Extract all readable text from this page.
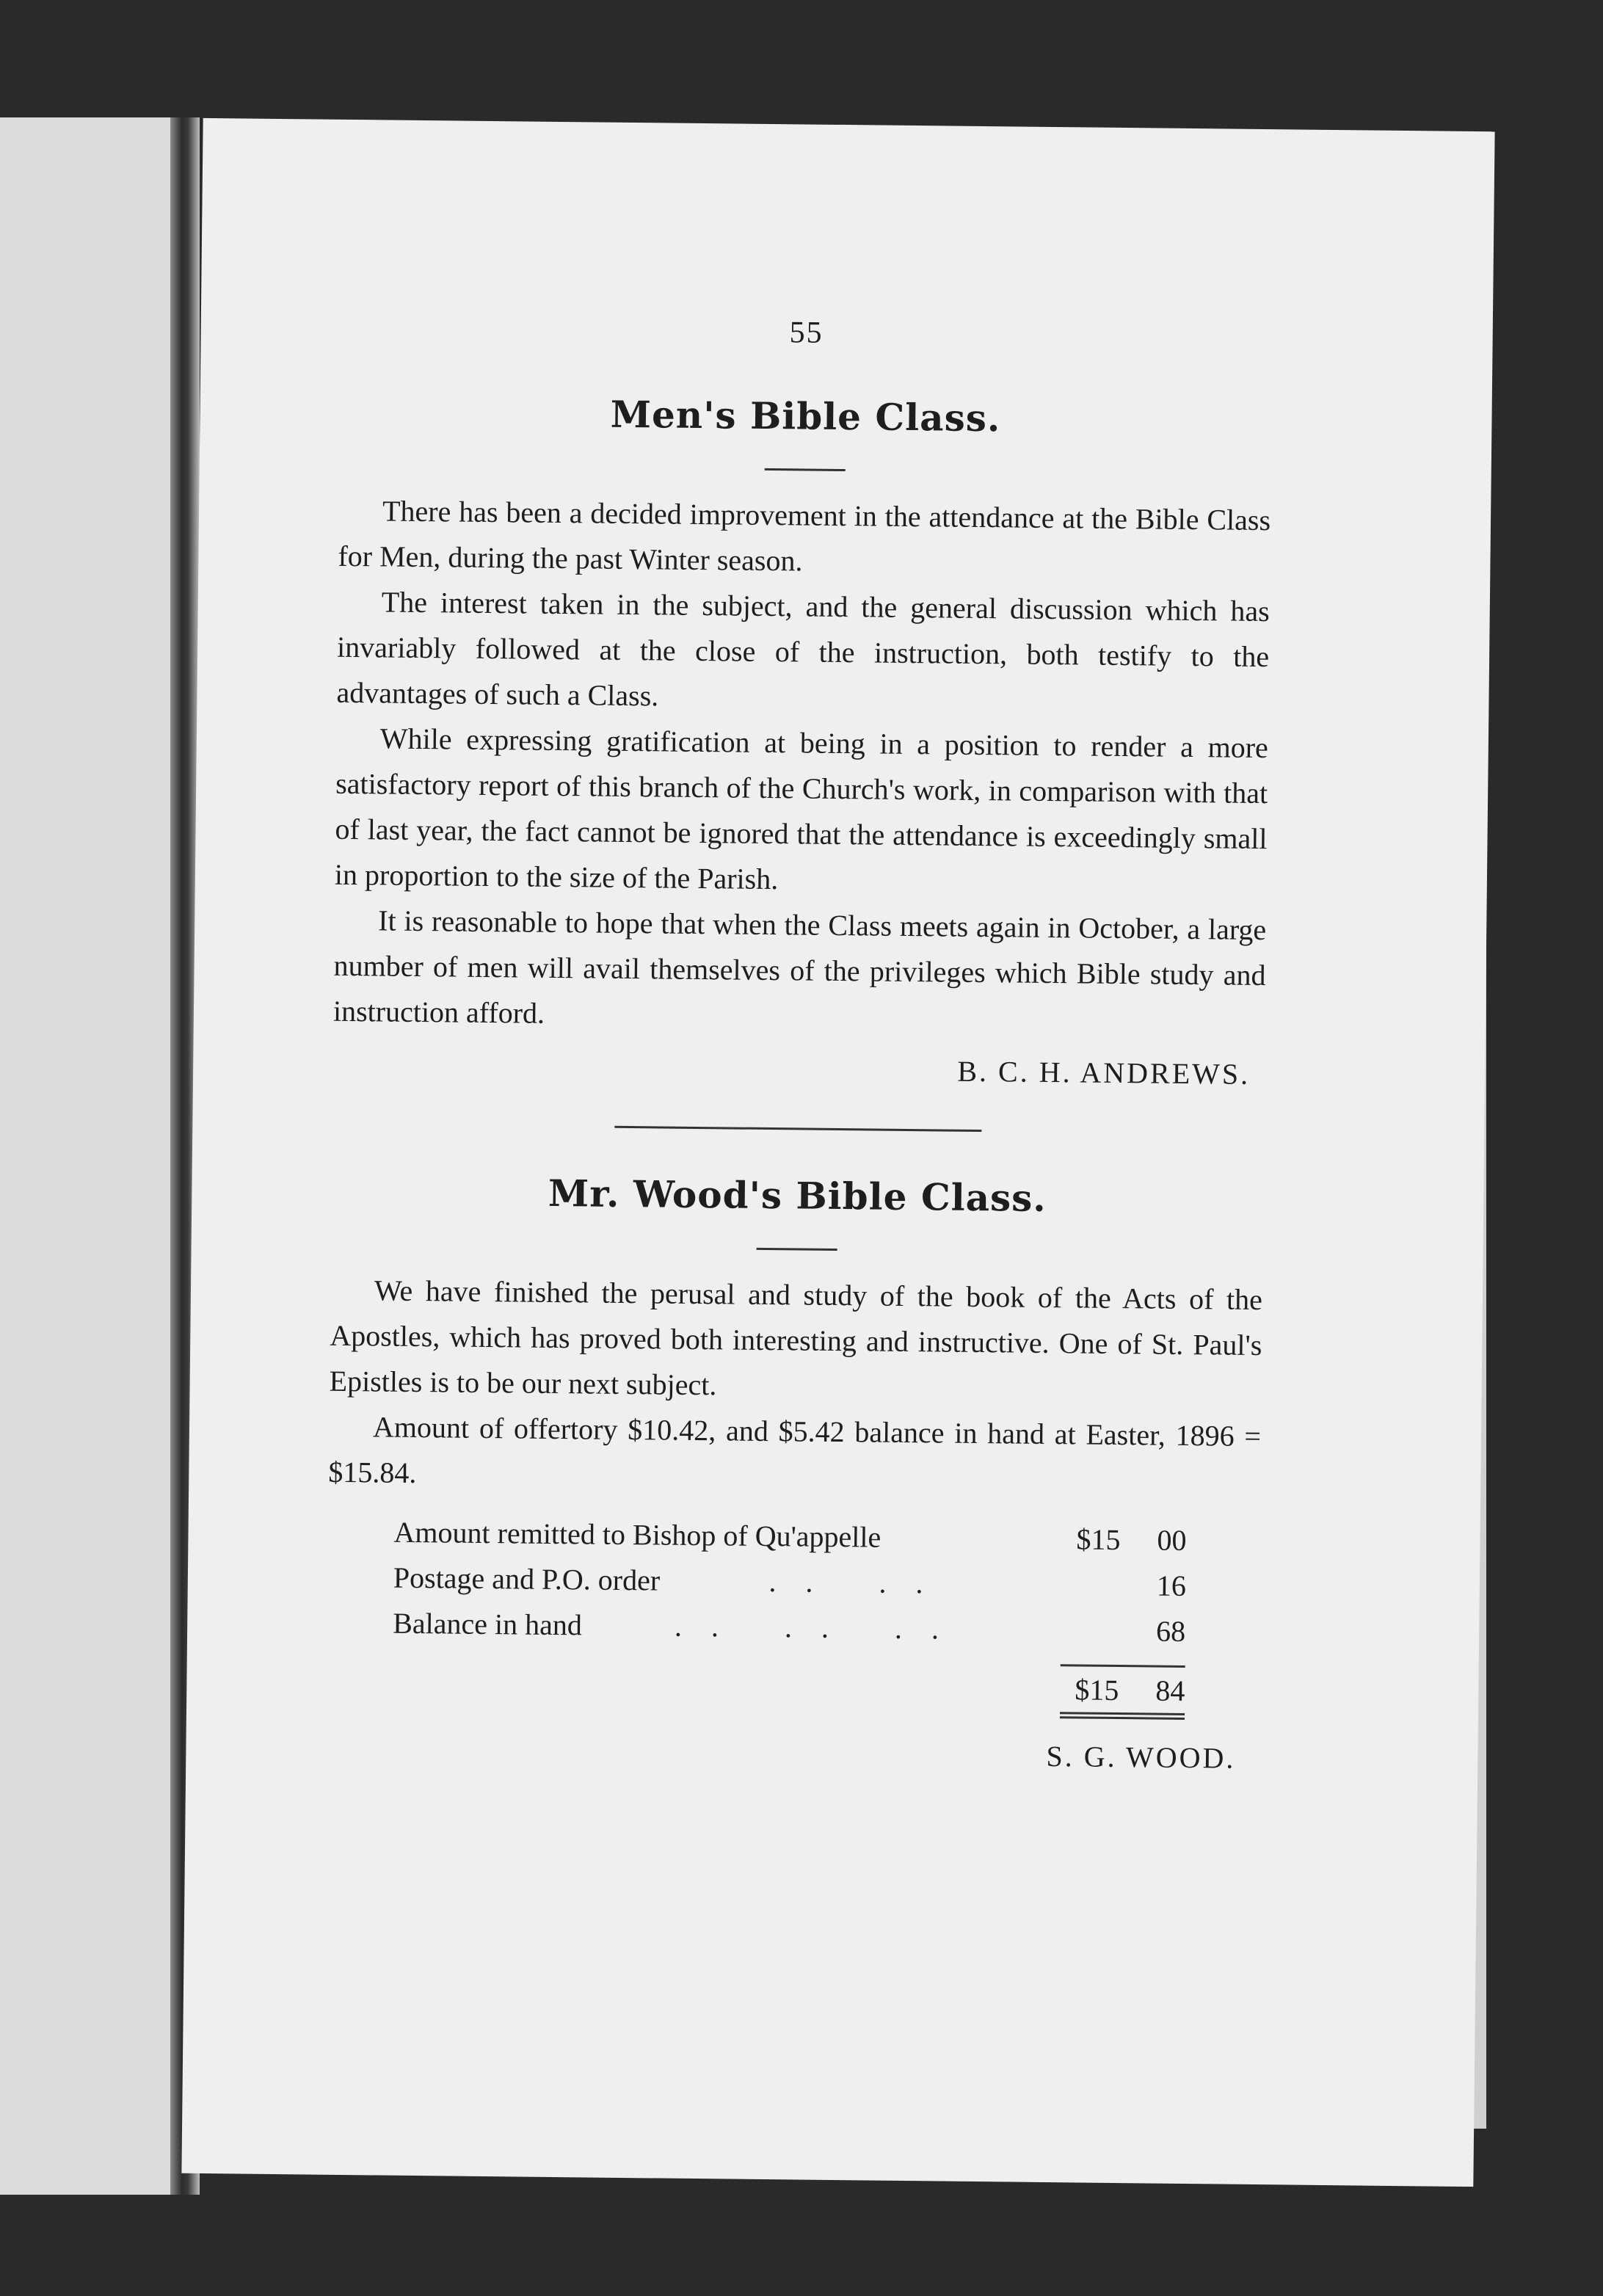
55

Men's Bible Class.

There has been a decided improvement in the attendance at the Bible Class for Men, during the past Winter season.

The interest taken in the subject, and the general discussion which has invariably followed at the close of the instruction, both testify to the advantages of such a Class.

While expressing gratification at being in a position to render a more satisfactory report of this branch of the Church's work, in comparison with that of last year, the fact cannot be ignored that the attendance is exceedingly small in proportion to the size of the Parish.

It is reasonable to hope that when the Class meets again in October, a large number of men will avail themselves of the privileges which Bible study and instruction afford.

B. C. H. ANDREWS.

Mr. Wood's Bible Class.

We have finished the perusal and study of the book of the Acts of the Apostles, which has proved both interesting and instructive. One of St. Paul's Epistles is to be our next subject.

Amount of offertory $10.42, and $5.42 balance in hand at Easter, 1896 = $15.84.

Amount remitted to Bishop of Qu'appelle	$15	00
Postage and P.O. order	.. ..	16
Balance in hand	.. .. ..	68
$15	84

S. G. WOOD.
